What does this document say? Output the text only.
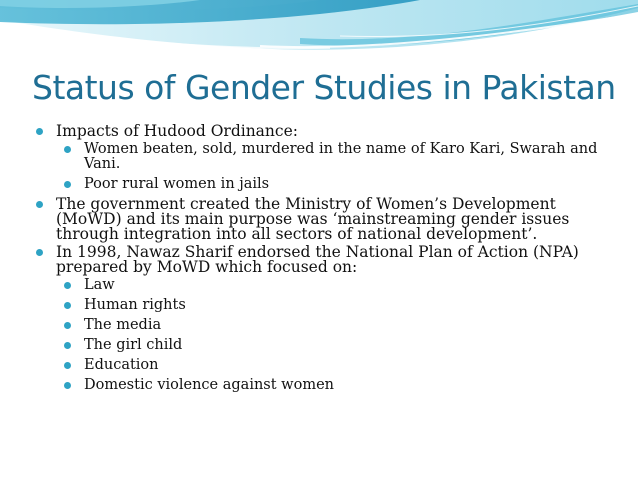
Status of Gender Studies in Pakistan
Impacts of Hudood Ordinance:
Women beaten, sold, murdered in the name of Karo Kari, Swarah and Vani.
Poor rural women in jails
The government created the Ministry of Women’s Development (MoWD) and its main purpose was ‘mainstreaming gender issues through integration into all sectors of national development’.
In 1998, Nawaz Sharif endorsed the National Plan of Action (NPA) prepared by MoWD which focused on:
Law
Human rights
The media
The girl child
Education
Domestic violence against women
